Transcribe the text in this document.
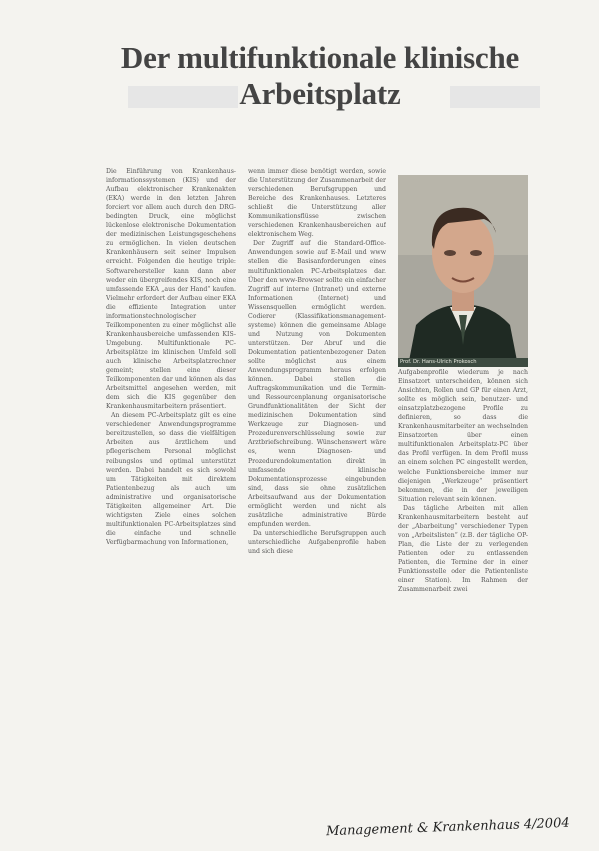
Der multifunktionale klinische
Arbeitsplatz

Die Einführung von Krankenhaus-informationssystemen (KIS) und der Aufbau elektronischer Krankenakten (EKA) werde in den letzten Jahren forciert vor allem auch durch den DRG-bedingten Druck, eine möglichst lückenlose elektronische Dokumentation der medizinischen Leistungsgeschehens zu ermöglichen. In vielen deutschen Krankenhäusern seit seiner Impulsen erreicht. Folgenden die heutige triple: Softwarehersteller kann dann aber weder ein übergreifendes KIS, noch eine umfassende EKA „aus der Hand“ kaufen. Vielmehr erfordert der Aufbau einer EKA die effiziente Integration unter informationstechnologischer Teilkomponenten zu einer möglichst alle Krankenhausbereiche umfassenden KIS-Umgebung. Multifunktionale PC-Arbeitsplätze im klinischen Umfeld soll auch klinische Arbeitsplatzrechner gemeint; stellen eine dieser Teilkomponenten dar und können als das Arbeitsmittel angesehen werden, mit dem sich die KIS gegenüber den Krankenhausmitarbeitern präsentiert.

An diesem PC-Arbeitsplatz gilt es eine verschiedener Anwendungsprogramme bereitzustellen, so dass die vielfältigen Arbeiten aus ärztlichem und pflegerischem Personal möglichst reibungslos und optimal unterstützt werden. Dabei handelt es sich sowohl um Tätigkeiten mit direktem Patientenbezug als auch um administrative und organisatorische Tätigkeiten allgemeiner Art. Die wichtigsten Ziele eines solchen multifunktionalen PC-Arbeitsplatzes sind die einfache und schnelle Verfügbarmachung von Informationen,

wenn immer diese benötigt werden, sowie die Unterstützung der Zusammenarbeit der verschiedenen Berufsgruppen und Bereiche des Krankenhauses. Letzteres schließt die Unterstützung aller Kommunikationsflüsse zwischen verschiedenen Krankenhausbereichen auf elektronischem Weg.

Der Zugriff auf die Standard-Office-Anwendungen sowie auf E-Mail und www stellen die Basisanforderungen eines multifunktionalen PC-Arbeitsplatzes dar. Über den www-Browser sollte ein einfacher Zugriff auf interne (Intranet) und externe Informationen (Internet) und Wissensquellen ermöglicht werden. Codierer (Klassifikationsmanagement-systeme) können die gemeinsame Ablage und Nutzung von Dokumenten unterstützen. Der Abruf und die Dokumentation patientenbezogener Daten sollte möglichst aus einem Anwendungsprogramm heraus erfolgen können. Dabei stellen die Auftragskommunikation und die Termin- und Ressourcenplanung organisatorische Grundfunktionalitäten der Sicht der medizinischen Dokumentation sind Werkzeuge zur Diagnosen- und Prozedurenverschlüsselung sowie zur Arztbriefschreibung. Wünschenswert wäre es, wenn Diagnosen- und Prozedurendokumentation direkt in umfassende klinische Dokumentationsprozesse eingebunden sind, dass sie ohne zusätzlichen Arbeitsaufwand aus der Dokumentation ermöglicht werden und nicht als zusätzliche administrative Bürde empfunden werden.

Da unterschiedliche Berufsgruppen auch unterschiedliche Aufgabenprofile haben und sich diese

Prof. Dr. Hans-Ulrich Prokosch

Aufgabenprofile wiederum je nach Einsatzort unterscheiden, können sich Ansichten, Rollen und GP für einen Arzt, sollte es möglich sein, benutzer- und einsatzplatzbezogene Profile zu definieren, so dass die Krankenhausmitarbeiter an wechselnden Einsatzorten über einen multifunktionalen Arbeitsplatz-PC über das Profil verfügen. In dem Profil muss an einem solchen PC eingestellt werden, welche Funktionsbereiche immer nur diejenigen „Werkzeuge“ präsentiert bekommen, die in der jeweiligen Situation relevant sein können.

Das tägliche Arbeiten mit allen Krankenhausmitarbeitern besteht auf der „Abarbeitung“ verschiedener Typen von „Arbeitslisten“ (z.B. der tägliche OP-Plan, die Liste der zu verlegenden Patienten oder zu entlassenden Patienten, die Termine der in einer Funktionsstelle oder die Patientenliste einer Station). Im Rahmen der Zusammenarbeit zwei

Management & Krankenhaus 4/2004
